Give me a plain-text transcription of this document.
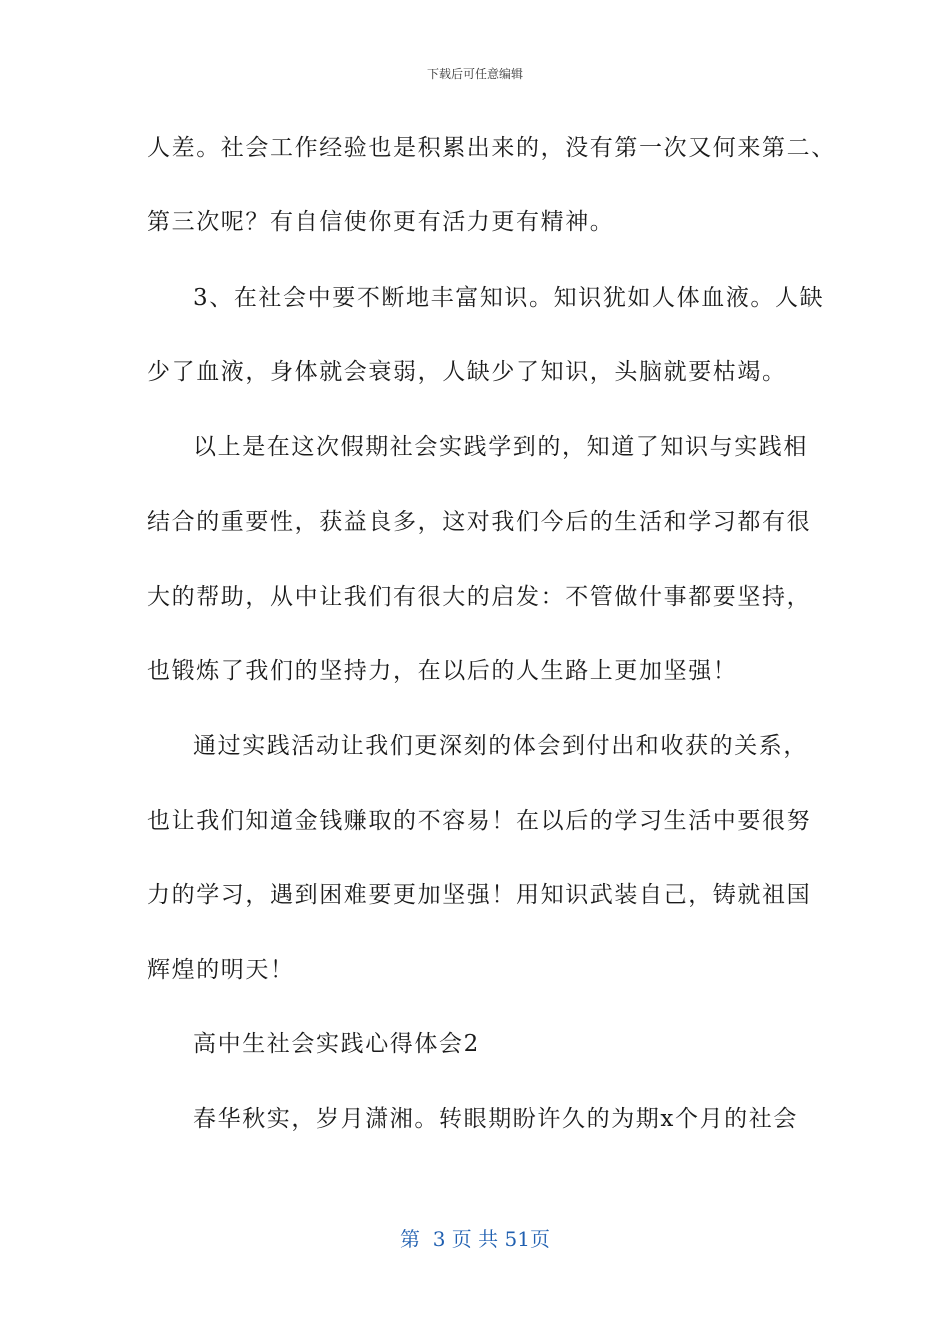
下载后可任意编辑
人差。社会工作经验也是积累出来的，没有第一次又何来第二、
第三次呢？有自信使你更有活力更有精神。
3、在社会中要不断地丰富知识。知识犹如人体血液。人缺
少了血液，身体就会衰弱，人缺少了知识，头脑就要枯竭。
以上是在这次假期社会实践学到的，知道了知识与实践相
结合的重要性，获益良多，这对我们今后的生活和学习都有很
大的帮助，从中让我们有很大的启发：不管做什事都要坚持，
也锻炼了我们的坚持力，在以后的人生路上更加坚强！
通过实践活动让我们更深刻的体会到付出和收获的关系，
也让我们知道金钱赚取的不容易！在以后的学习生活中要很努
力的学习，遇到困难要更加坚强！用知识武装自己，铸就祖国
辉煌的明天！
高中生社会实践心得体会2
春华秋实，岁月潇湘。转眼期盼许久的为期x个月的社会
第  3 页 共 51页
